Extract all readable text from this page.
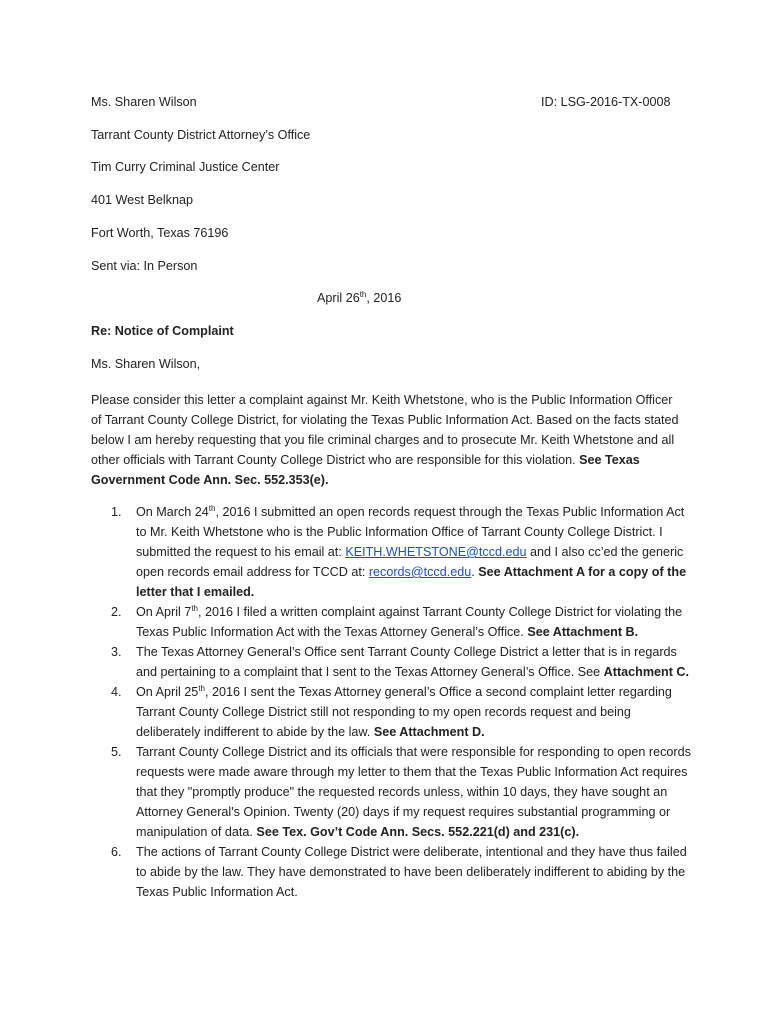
Ms. Sharen Wilson	ID: LSG-2016-TX-0008

Tarrant County District Attorney’s Office

Tim Curry Criminal Justice Center

401 West Belknap

Fort Worth, Texas 76196

Sent via: In Person

April 26th, 2016

Re: Notice of Complaint

Ms. Sharen Wilson,

Please consider this letter a complaint against Mr. Keith Whetstone, who is the Public Information Officer of Tarrant County College District, for violating the Texas Public Information Act. Based on the facts stated below I am hereby requesting that you file criminal charges and to prosecute Mr. Keith Whetstone and all other officials with Tarrant County College District who are responsible for this violation. See Texas Government Code Ann. Sec. 552.353(e).

1. On March 24th, 2016 I submitted an open records request through the Texas Public Information Act to Mr. Keith Whetstone who is the Public Information Office of Tarrant County College District. I submitted the request to his email at: KEITH.WHETSTONE@tccd.edu and I also cc’ed the generic open records email address for TCCD at: records@tccd.edu. See Attachment A for a copy of the letter that I emailed.
2. On April 7th, 2016 I filed a written complaint against Tarrant County College District for violating the Texas Public Information Act with the Texas Attorney General’s Office. See Attachment B.
3. The Texas Attorney General’s Office sent Tarrant County College District a letter that is in regards and pertaining to a complaint that I sent to the Texas Attorney General’s Office. See Attachment C.
4. On April 25th, 2016 I sent the Texas Attorney general’s Office a second complaint letter regarding Tarrant County College District still not responding to my open records request and being deliberately indifferent to abide by the law. See Attachment D.
5. Tarrant County College District and its officials that were responsible for responding to open records requests were made aware through my letter to them that the Texas Public Information Act requires that they "promptly produce" the requested records unless, within 10 days, they have sought an Attorney General's Opinion. Twenty (20) days if my request requires substantial programming or manipulation of data. See Tex. Gov’t Code Ann. Secs. 552.221(d) and 231(c).
6. The actions of Tarrant County College District were deliberate, intentional and they have thus failed to abide by the law. They have demonstrated to have been deliberately indifferent to abiding by the Texas Public Information Act.
